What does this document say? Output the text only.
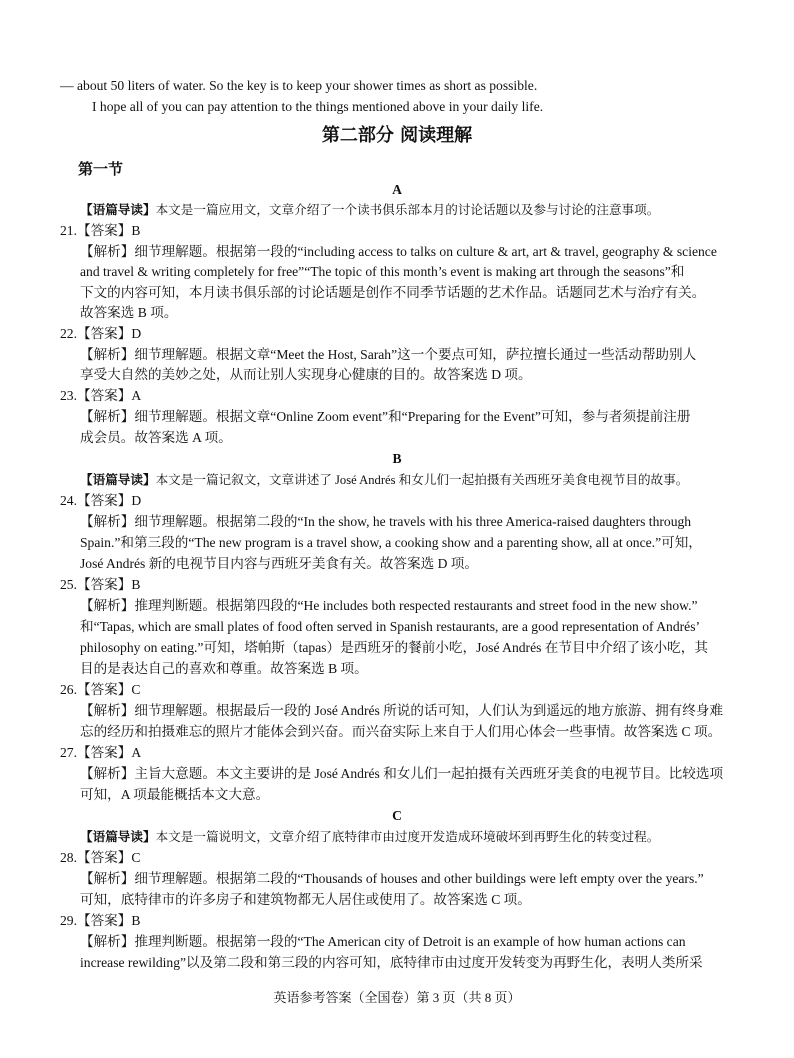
— about 50 liters of water. So the key is to keep your shower times as short as possible.
I hope all of you can pay attention to the things mentioned above in your daily life.
第二部分 阅读理解
第一节
A
【语篇导读】本文是一篇应用文，文章介绍了一个读书俱乐部本月的讨论话题以及参与讨论的注意事项。
21.【答案】B
【解析】细节理解题。根据第一段的“including access to talks on culture & art, art & travel, geography & science
and travel & writing completely for free”“The topic of this month’s event is making art through the seasons”和
下文的内容可知，本月读书俱乐部的讨论话题是创作不同季节话题的艺术作品。话题同艺术与治疗有关。
故答案选 B 项。
22.【答案】D
【解析】细节理解题。根据文章“Meet the Host, Sarah”这一个要点可知，萨拉擅长通过一些活动帮助别人
享受大自然的美妙之处，从而让别人实现身心健康的目的。故答案选 D 项。
23.【答案】A
【解析】细节理解题。根据文章“Online Zoom event”和“Preparing for the Event”可知，参与者须提前注册
成会员。故答案选 A 项。
B
【语篇导读】本文是一篇记叙文，文章讲述了 José Andrés 和女儿们一起拍摄有关西班牙美食电视节目的故事。
24.【答案】D
【解析】细节理解题。根据第二段的“In the show, he travels with his three America-raised daughters through
Spain.”和第三段的“The new program is a travel show, a cooking show and a parenting show, all at once.”可知，
José Andrés 新的电视节目内容与西班牙美食有关。故答案选 D 项。
25.【答案】B
【解析】推理判断题。根据第四段的“He includes both respected restaurants and street food in the new show.”
和“Tapas, which are small plates of food often served in Spanish restaurants, are a good representation of Andrés’
philosophy on eating.”可知，塔帕斯（tapas）是西班牙的餐前小吃，José Andrés 在节目中介绍了该小吃，其
目的是表达自己的喜欢和尊重。故答案选 B 项。
26.【答案】C
【解析】细节理解题。根据最后一段的 José Andrés 所说的话可知，人们认为到遥远的地方旅游、拥有终身难
忘的经历和拍摄难忘的照片才能体会到兴奋。而兴奋实际上来自于人们用心体会一些事情。故答案选 C 项。
27.【答案】A
【解析】主旨大意题。本文主要讲的是 José Andrés 和女儿们一起拍摄有关西班牙美食的电视节目。比较选项
可知，A 项最能概括本文大意。
C
【语篇导读】本文是一篇说明文，文章介绍了底特律市由过度开发造成环境破坏到再野生化的转变过程。
28.【答案】C
【解析】细节理解题。根据第二段的“Thousands of houses and other buildings were left empty over the years.”
可知，底特律市的许多房子和建筑物都无人居住或使用了。故答案选 C 项。
29.【答案】B
【解析】推理判断题。根据第一段的“The American city of Detroit is an example of how human actions can
increase rewilding”以及第二段和第三段的内容可知，底特律市由过度开发转变为再野生化，表明人类所采
英语参考答案（全国卷）第 3 页（共 8 页）
